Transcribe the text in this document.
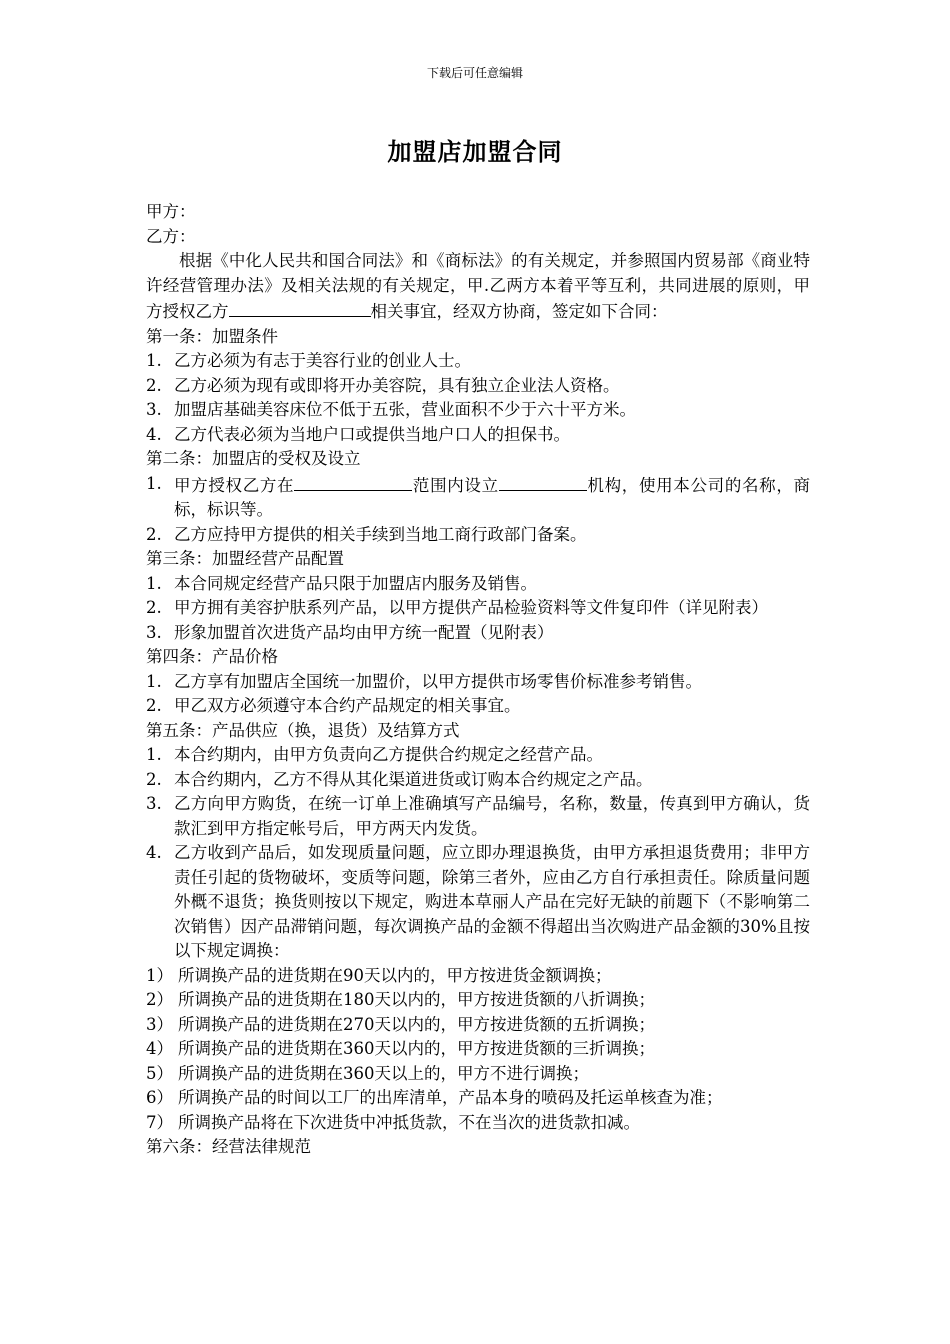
下载后可任意编辑
加盟店加盟合同
甲方：
乙方：
根据《中化人民共和国合同法》和《商标法》的有关规定，并参照国内贸易部《商业特许经营管理办法》及相关法规的有关规定，甲.乙两方本着平等互利，共同进展的原则，甲方授权乙方	相关事宜，经双方协商，签定如下合同：
第一条：加盟条件
1. 乙方必须为有志于美容行业的创业人士。
2. 乙方必须为现有或即将开办美容院，具有独立企业法人资格。
3. 加盟店基础美容床位不低于五张，营业面积不少于六十平方米。
4. 乙方代表必须为当地户口或提供当地户口人的担保书。
第二条：加盟店的受权及设立
1. 甲方授权乙方在	范围内设立	机构，使用本公司的名称，商标，标识等。
2. 乙方应持甲方提供的相关手续到当地工商行政部门备案。
第三条：加盟经营产品配置
1. 本合同规定经营产品只限于加盟店内服务及销售。
2. 甲方拥有美容护肤系列产品，以甲方提供产品检验资料等文件复印件（详见附表）
3. 形象加盟首次进货产品均由甲方统一配置（见附表）
第四条：产品价格
1. 乙方享有加盟店全国统一加盟价，以甲方提供市场零售价标准参考销售。
2. 甲乙双方必须遵守本合约产品规定的相关事宜。
第五条：产品供应（换，退货）及结算方式
1. 本合约期内，由甲方负责向乙方提供合约规定之经营产品。
2. 本合约期内，乙方不得从其化渠道进货或订购本合约规定之产品。
3. 乙方向甲方购货，在统一订单上准确填写产品编号，名称，数量，传真到甲方确认，货款汇到甲方指定帐号后，甲方两天内发货。
4. 乙方收到产品后，如发现质量问题，应立即办理退换货，由甲方承担退货费用；非甲方责任引起的货物破坏，变质等问题，除第三者外，应由乙方自行承担责任。除质量问题外概不退货；换货则按以下规定，购进本草丽人产品在完好无缺的前题下（不影响第二次销售）因产品滞销问题，每次调换产品的金额不得超出当次购进产品金额的30%且按以下规定调换：
1） 所调换产品的进货期在90天以内的，甲方按进货金额调换；
2） 所调换产品的进货期在180天以内的，甲方按进货额的八折调换；
3） 所调换产品的进货期在270天以内的，甲方按进货额的五折调换；
4） 所调换产品的进货期在360天以内的，甲方按进货额的三折调换；
5） 所调换产品的进货期在360天以上的，甲方不进行调换；
6） 所调换产品的时间以工厂的出库清单，产品本身的喷码及托运单核查为准；
7） 所调换产品将在下次进货中冲抵货款，不在当次的进货款扣减。
第六条：经营法律规范
